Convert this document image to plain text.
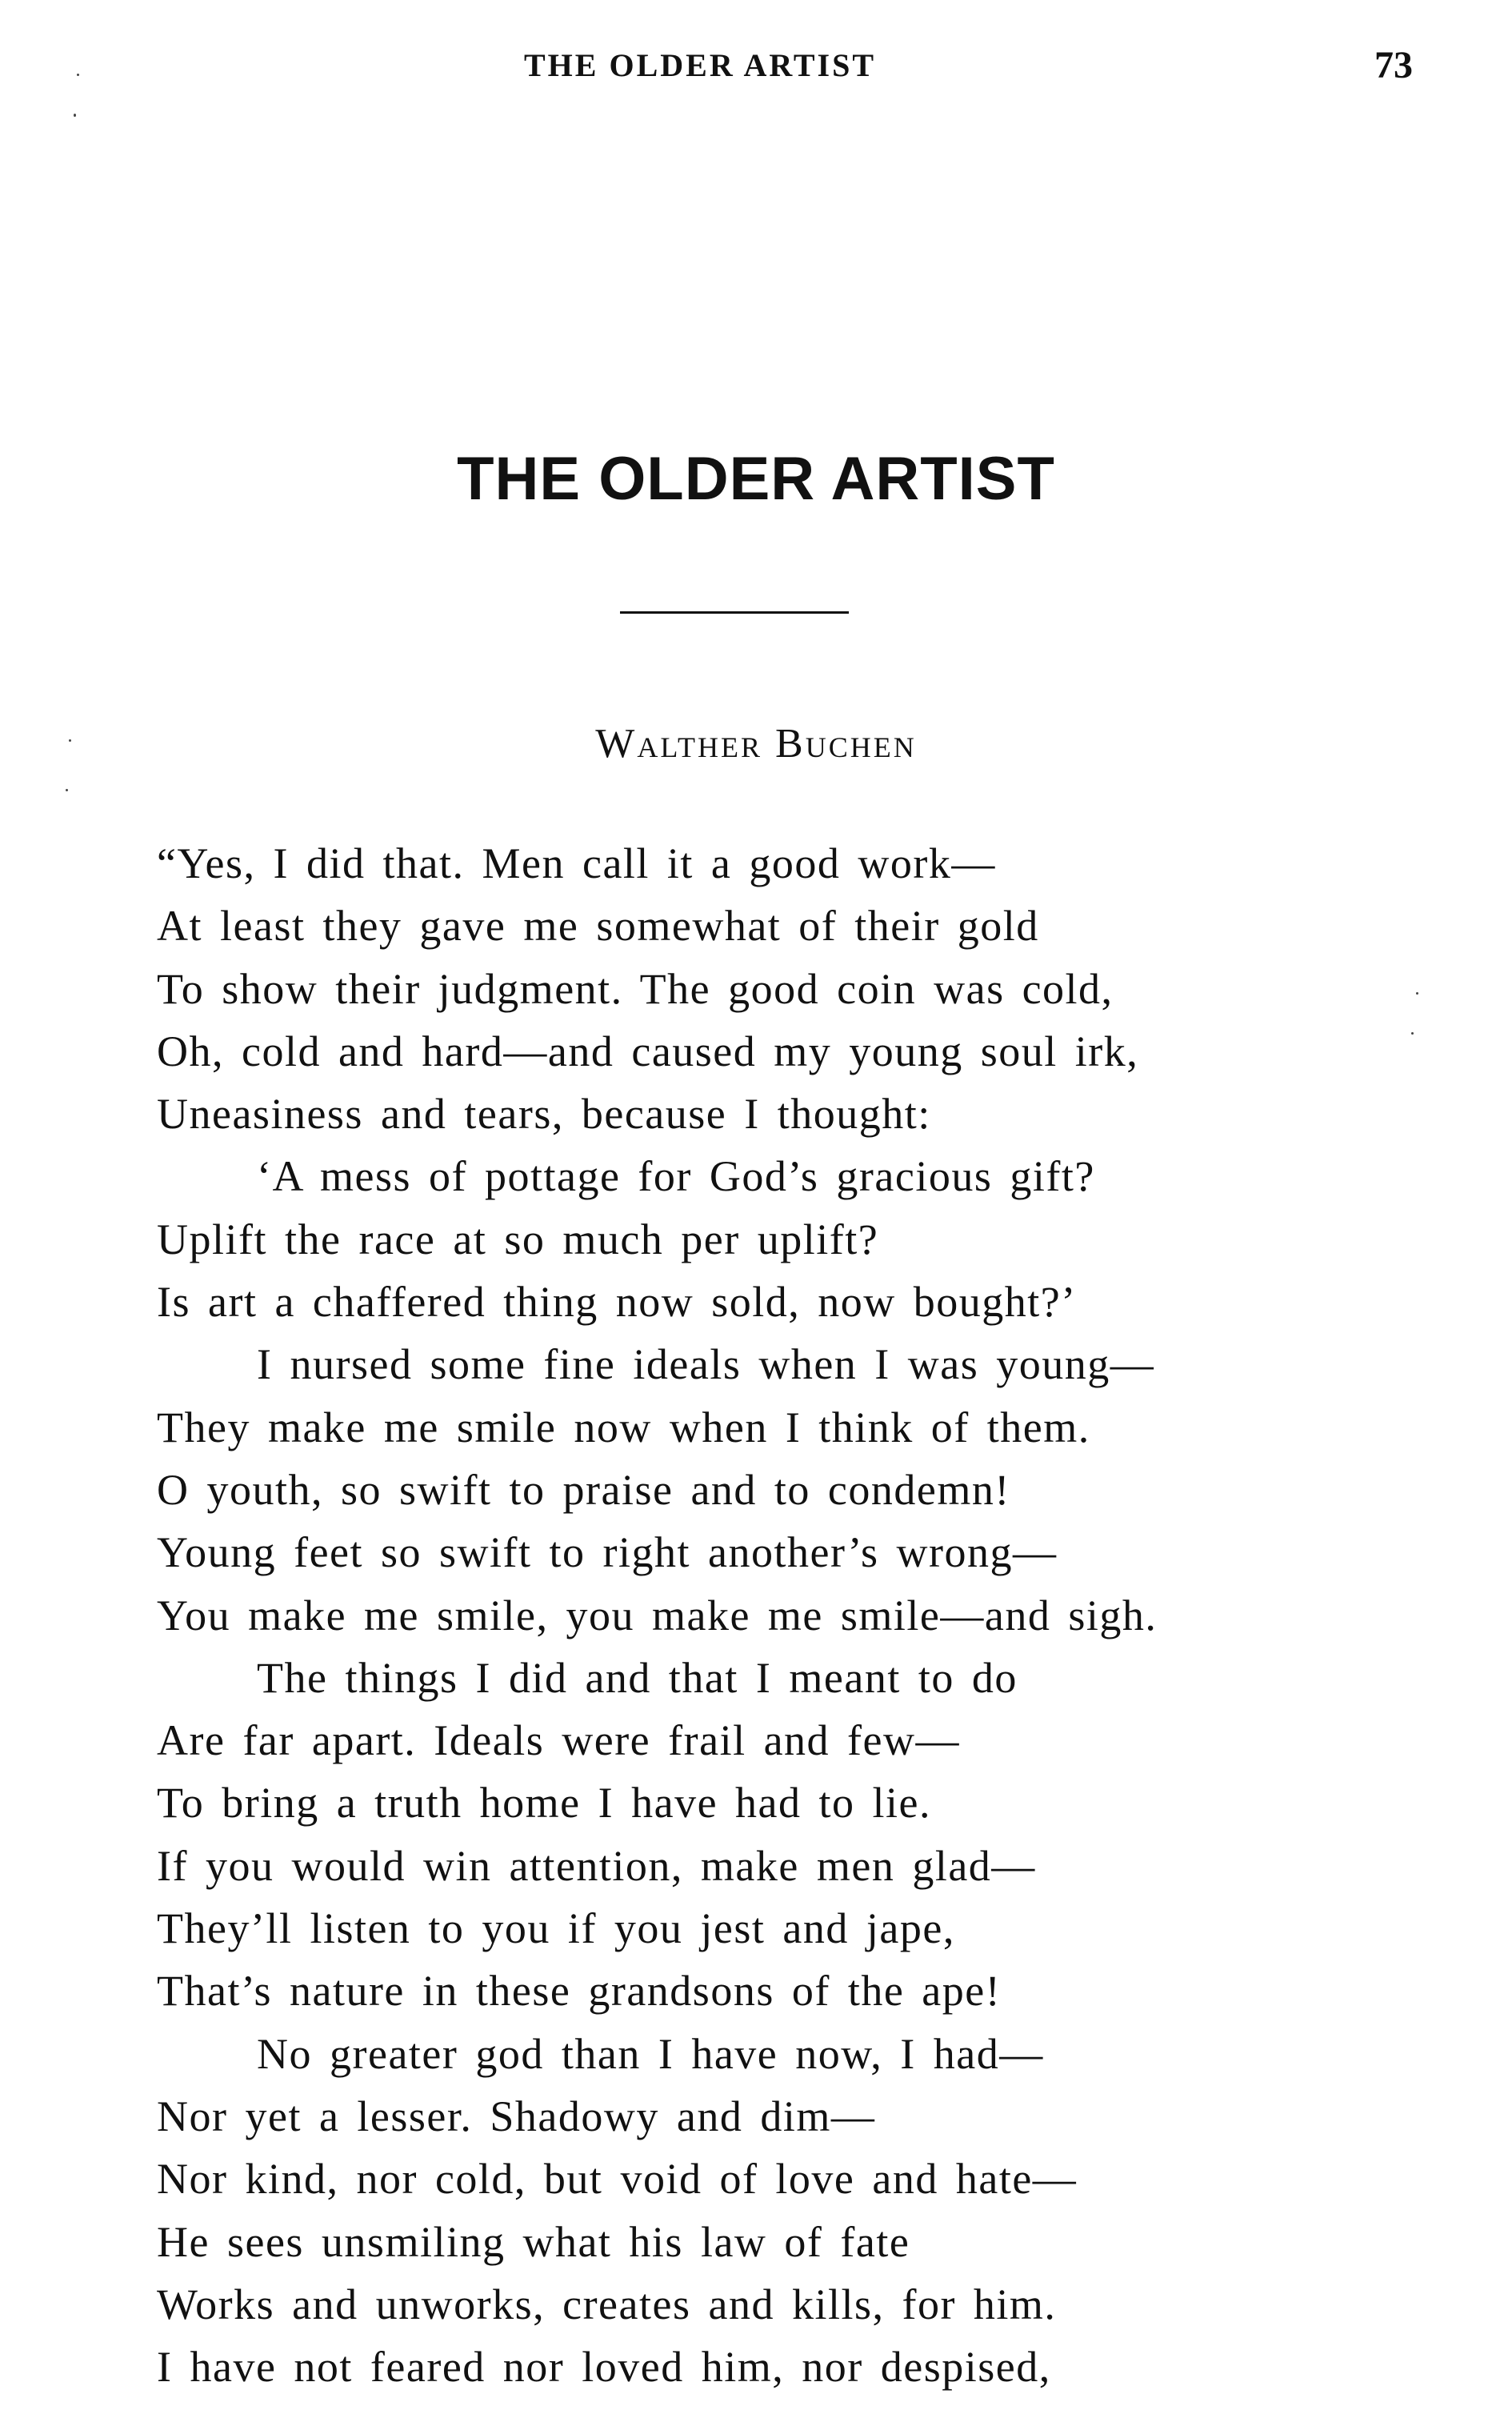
THE OLDER ARTIST	73
THE OLDER ARTIST
Walther Buchen
“Yes, I did that. Men call it a good work—
At least they gave me somewhat of their gold
To show their judgment. The good coin was cold,
Oh, cold and hard—and caused my young soul irk,
Uneasiness and tears, because I thought:
‘A mess of pottage for God’s gracious gift?
Uplift the race at so much per uplift?
Is art a chaffered thing now sold, now bought?’
I nursed some fine ideals when I was young—
They make me smile now when I think of them.
O youth, so swift to praise and to condemn!
Young feet so swift to right another’s wrong—
You make me smile, you make me smile—and sigh.
The things I did and that I meant to do
Are far apart. Ideals were frail and few—
To bring a truth home I have had to lie.
If you would win attention, make men glad—
They’ll listen to you if you jest and jape,
That’s nature in these grandsons of the ape!
No greater god than I have now, I had—
Nor yet a lesser. Shadowy and dim—
Nor kind, nor cold, but void of love and hate—
He sees unsmiling what his law of fate
Works and unworks, creates and kills, for him.
I have not feared nor loved him, nor despised,
